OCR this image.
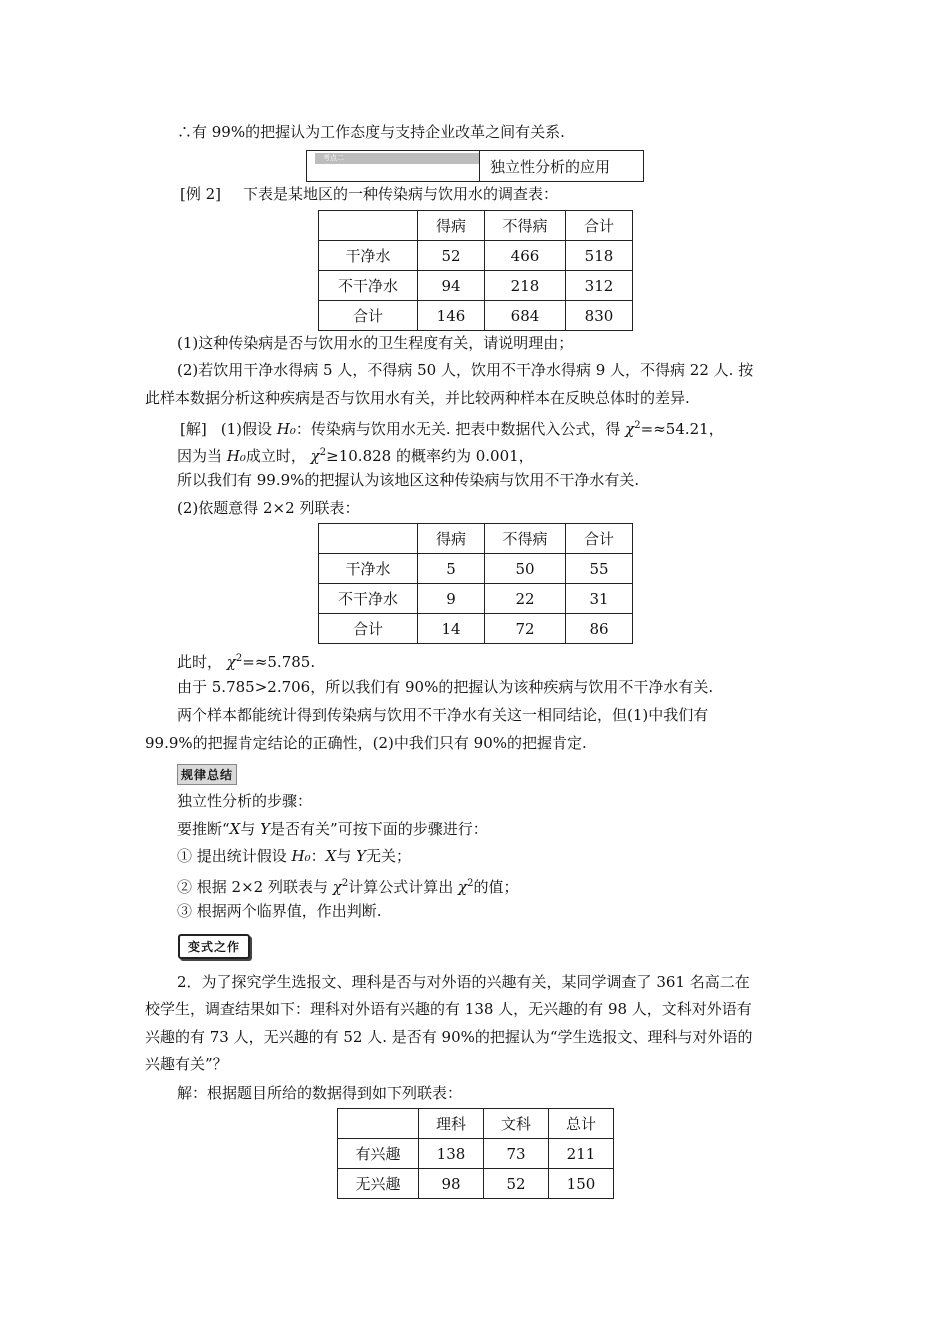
∴有 99%的把握认为工作态度与支持企业改革之间有关系.
考点二	独立性分析的应用
[例 2] 下表是某地区的一种传染病与饮用水的调查表：
	得病	不得病	合计
干净水	52	466	518
不干净水	94	218	312
合计	146	684	830
(1)这种传染病是否与饮用水的卫生程度有关，请说明理由；
(2)若饮用干净水得病 5 人，不得病 50 人，饮用不干净水得病 9 人，不得病 22 人. 按
此样本数据分析这种疾病是否与饮用水有关，并比较两种样本在反映总体时的差异.
[解] (1)假设 H₀：传染病与饮用水无关. 把表中数据代入公式，得 $\chi^2=\approx 54.21$，
因为当 H₀成立时， $\chi^2\ge 10.828$ 的概率约为 0.001，
所以我们有 99.9%的把握认为该地区这种传染病与饮用不干净水有关.
(2)依题意得 2×2 列联表：
	得病	不得病	合计
干净水	5	50	55
不干净水	9	22	31
合计	14	72	86
此时， $\chi^2=\approx 5.785$.
由于 5.785>2.706，所以我们有 90%的把握认为该种疾病与饮用不干净水有关.
两个样本都能统计得到传染病与饮用不干净水有关这一相同结论，但(1)中我们有
99.9%的把握肯定结论的正确性，(2)中我们只有 90%的把握肯定.
规律总结
独立性分析的步骤：
要推断“X与 Y是否有关”可按下面的步骤进行：
① 提出统计假设 H₀：X与 Y无关；
② 根据 2×2 列联表与 $\chi^2$计算公式计算出 $\chi^2$的值；
③ 根据两个临界值，作出判断.
变式之作
2．为了探究学生选报文、理科是否与对外语的兴趣有关，某同学调查了 361 名高二在
校学生，调查结果如下：理科对外语有兴趣的有 138 人，无兴趣的有 98 人，文科对外语有
兴趣的有 73 人，无兴趣的有 52 人. 是否有 90%的把握认为“学生选报文、理科与对外语的
兴趣有关”？
解：根据题目所给的数据得到如下列联表：
	理科	文科	总计
有兴趣	138	73	211
无兴趣	98	52	150
